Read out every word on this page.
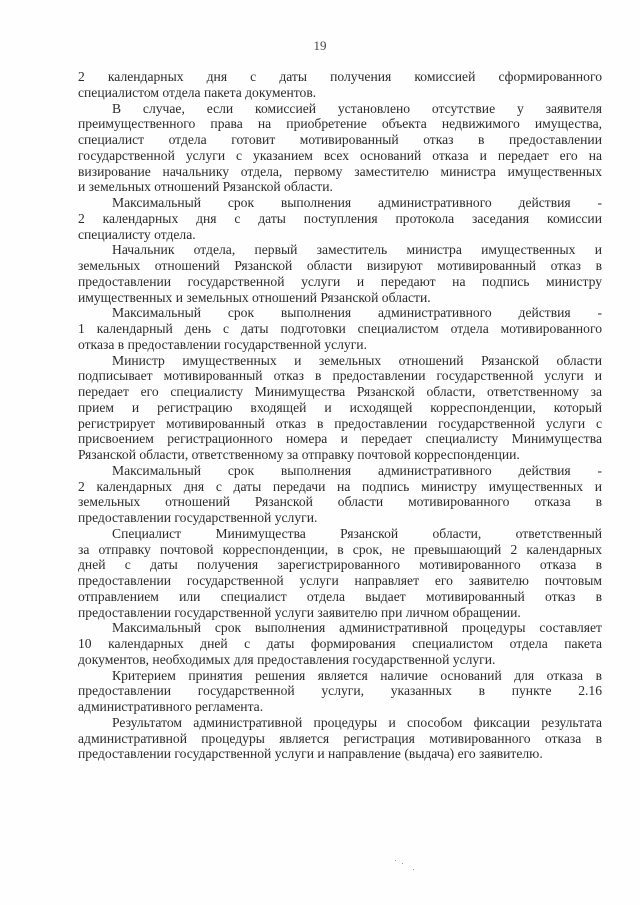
19
2 календарных дня с даты получения комиссией сформированного
специалистом отдела пакета документов.
В случае, если комиссией установлено отсутствие у заявителя
преимущественного права на приобретение объекта недвижимого имущества,
специалист отдела готовит мотивированный отказ в предоставлении
государственной услуги с указанием всех оснований отказа и передает его на
визирование начальнику отдела, первому заместителю министра имущественных
и земельных отношений Рязанской области.
Максимальный срок выполнения административного действия -
2 календарных дня с даты поступления протокола заседания комиссии
специалисту отдела.
Начальник отдела, первый заместитель министра имущественных и
земельных отношений Рязанской области визируют мотивированный отказ в
предоставлении государственной услуги и передают на подпись министру
имущественных и земельных отношений Рязанской области.
Максимальный срок выполнения административного действия -
1 календарный день с даты подготовки специалистом отдела мотивированного
отказа в предоставлении государственной услуги.
Министр имущественных и земельных отношений Рязанской области
подписывает мотивированный отказ в предоставлении государственной услуги и
передает его специалисту Минимущества Рязанской области, ответственному за
прием и регистрацию входящей и исходящей корреспонденции, который
регистрирует мотивированный отказ в предоставлении государственной услуги с
присвоением регистрационного номера и передает специалисту Минимущества
Рязанской области, ответственному за отправку почтовой корреспонденции.
Максимальный срок выполнения административного действия -
2 календарных дня с даты передачи на подпись министру имущественных и
земельных отношений Рязанской области мотивированного отказа в
предоставлении государственной услуги.
Специалист Минимущества Рязанской области, ответственный
за отправку почтовой корреспонденции, в срок, не превышающий 2 календарных
дней с даты получения зарегистрированного мотивированного отказа в
предоставлении государственной услуги направляет его заявителю почтовым
отправлением или специалист отдела выдает мотивированный отказ в
предоставлении государственной услуги заявителю при личном обращении.
Максимальный срок выполнения административной процедуры составляет
10 календарных дней с даты формирования специалистом отдела пакета
документов, необходимых для предоставления государственной услуги.
Критерием принятия решения является наличие оснований для отказа в
предоставлении государственной услуги, указанных в пункте 2.16
административного регламента.
Результатом административной процедуры и способом фиксации результата
административной процедуры является регистрация мотивированного отказа в
предоставлении государственной услуги и направление (выдача) его заявителю.
